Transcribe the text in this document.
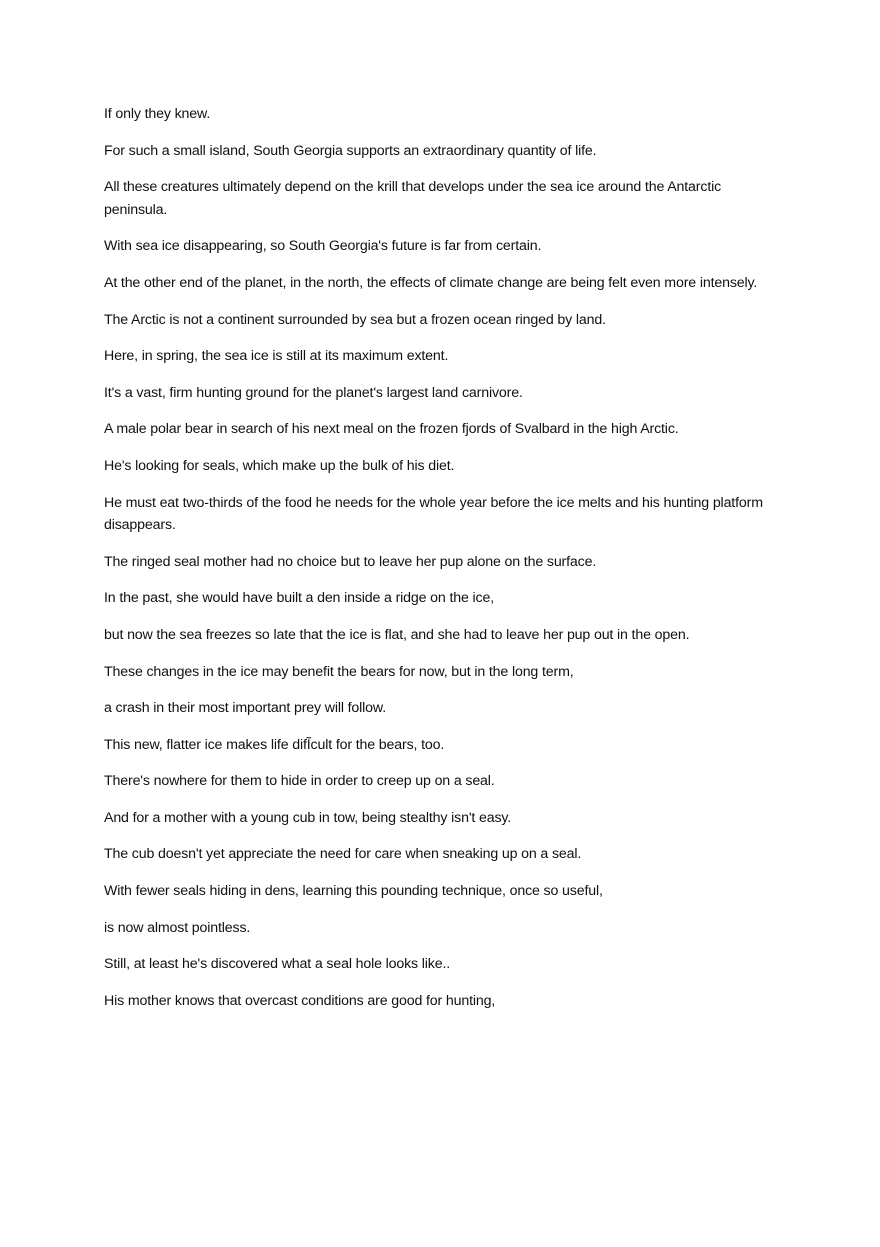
If only they knew.

For such a small island, South Georgia supports an extraordinary quantity of life.

All these creatures ultimately depend on the krill that develops under the sea ice around the Antarctic peninsula.

With sea ice disappearing, so South Georgia's future is far from certain.

At the other end of the planet, in the north, the effects of climate change are being felt even more intensely.

The Arctic is not a continent surrounded by sea but a frozen ocean ringed by land.

Here, in spring, the sea ice is still at its maximum extent.

It's a vast, firm hunting ground for the planet's largest land carnivore.

A male polar bear in search of his next meal on the frozen fjords of Svalbard in the high Arctic.

He's looking for seals, which make up the bulk of his diet.

He must eat two-thirds of the food he needs for the whole year before the ice melts and his hunting platform disappears.

The ringed seal mother had no choice but to leave her pup alone on the surface.

In the past, she would have built a den inside a ridge on the ice,

but now the sea freezes so late that the ice is flat, and she had to leave her pup out in the open.

These changes in the ice may benefit the bears for now, but in the long term,

a crash in their most important prey will follow.

This new, flatter ice makes life difĨcult for the bears, too.

There's nowhere for them to hide in order to creep up on a seal.

And for a mother with a young cub in tow, being stealthy isn't easy.

The cub doesn't yet appreciate the need for care when sneaking up on a seal.

With fewer seals hiding in dens, learning this pounding technique, once so useful,

is now almost pointless.

Still, at least he's discovered what a seal hole looks like..

His mother knows that overcast conditions are good for hunting,
